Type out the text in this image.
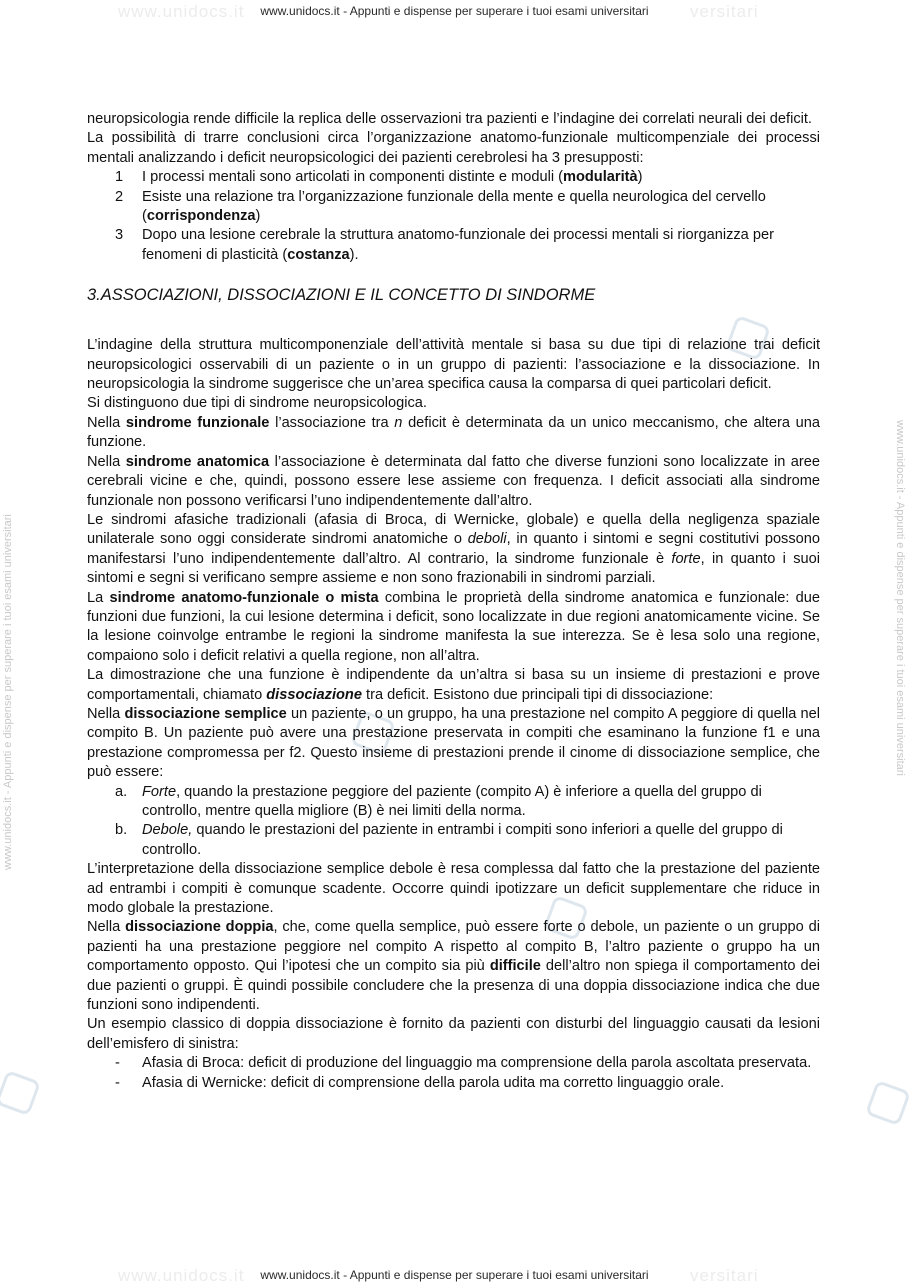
www.unidocs.it - Appunti e dispense per superare i tuoi esami universitari
www.unidocs.it	versitari
www.unidocs.it	versitari
www.unidocs.it - Appunti e dispense per superare i tuoi esami universitari	www.unidocs.it - Appunti e dispense per superare i tuoi esami universitari

neuropsicologia rende difficile la replica delle osservazioni tra pazienti e l’indagine dei correlati neurali dei deficit.

La possibilità di trarre conclusioni circa l’organizzazione anatomo-funzionale multicompenziale dei processi mentali analizzando i deficit neuropsicologici dei pazienti cerebrolesi ha 3 presupposti:

1	I processi mentali sono articolati in componenti distinte e moduli (modularità)
2	Esiste una relazione tra l’organizzazione funzionale della mente e quella neurologica del cervello (corrispondenza)
3	Dopo una lesione cerebrale la struttura anatomo-funzionale dei processi mentali si riorganizza per fenomeni di plasticità (costanza).
3.ASSOCIAZIONI, DISSOCIAZIONI E IL CONCETTO DI SINDORME

L’indagine della struttura multicomponenziale dell’attività mentale si basa su due tipi di relazione trai deficit neuropsicologici osservabili di un paziente o in un gruppo di pazienti: l’associazione e la dissociazione. In neuropsicologia la sindrome suggerisce che un’area specifica causa la comparsa di quei particolari deficit.

Si distinguono due tipi di sindrome neuropsicologica.

Nella sindrome funzionale l’associazione tra n deficit è determinata da un unico meccanismo, che altera una funzione.

Nella sindrome anatomica l’associazione è determinata dal fatto che diverse funzioni sono localizzate in aree cerebrali vicine e che, quindi, possono essere lese assieme con frequenza. I deficit associati alla sindrome funzionale non possono verificarsi l’uno indipendentemente dall’altro.

Le sindromi afasiche tradizionali (afasia di Broca, di Wernicke, globale) e quella della negligenza spaziale unilaterale sono oggi considerate sindromi anatomiche o deboli, in quanto i sintomi e segni costitutivi possono manifestarsi l’uno indipendentemente dall’altro. Al contrario, la sindrome funzionale è forte, in quanto i suoi sintomi e segni si verificano sempre assieme e non sono frazionabili in sindromi parziali.

La sindrome anatomo-funzionale o mista combina le proprietà della sindrome anatomica e funzionale: due funzioni due funzioni, la cui lesione determina i deficit, sono localizzate in due regioni anatomicamente vicine. Se la lesione coinvolge entrambe le regioni la sindrome manifesta la sue interezza. Se è lesa solo una regione, compaiono solo i deficit relativi a quella regione, non all’altra.

La dimostrazione che una funzione è indipendente da un’altra si basa su un insieme di prestazioni e prove comportamentali, chiamato dissociazione tra deficit. Esistono due principali tipi di dissociazione:

Nella dissociazione semplice un paziente, o un gruppo, ha una prestazione nel compito A peggiore di quella nel compito B. Un paziente può avere una prestazione preservata in compiti che esaminano la funzione f1 e una prestazione compromessa per f2. Questo insieme di prestazioni prende il cinome di dissociazione semplice, che può essere:

a.	Forte, quando la prestazione peggiore del paziente (compito A) è inferiore a quella del gruppo di controllo, mentre quella migliore (B) è nei limiti della norma.
b.	Debole, quando le prestazioni del paziente in entrambi i compiti sono inferiori a quelle del gruppo di controllo.

L’interpretazione della dissociazione semplice debole è resa complessa dal fatto che la prestazione del paziente ad entrambi i compiti è comunque scadente. Occorre quindi ipotizzare un deficit supplementare che riduce in modo globale la prestazione.

Nella dissociazione doppia, che, come quella semplice, può essere forte o debole, un paziente o un gruppo di pazienti ha una prestazione peggiore nel compito A rispetto al compito B, l’altro paziente o gruppo ha un comportamento opposto. Qui l’ipotesi che un compito sia più difficile dell’altro non spiega il comportamento dei due pazienti o gruppi. È quindi possibile concludere che la presenza di una doppia dissociazione indica che due funzioni sono indipendenti.

Un esempio classico di doppia dissociazione è fornito da pazienti con disturbi del linguaggio causati da lesioni dell’emisfero di sinistra:

-	Afasia di Broca: deficit di produzione del linguaggio ma comprensione della parola ascoltata preservata.
-	Afasia di Wernicke: deficit di comprensione della parola udita ma corretto linguaggio orale.
www.unidocs.it - Appunti e dispense per superare i tuoi esami universitari
